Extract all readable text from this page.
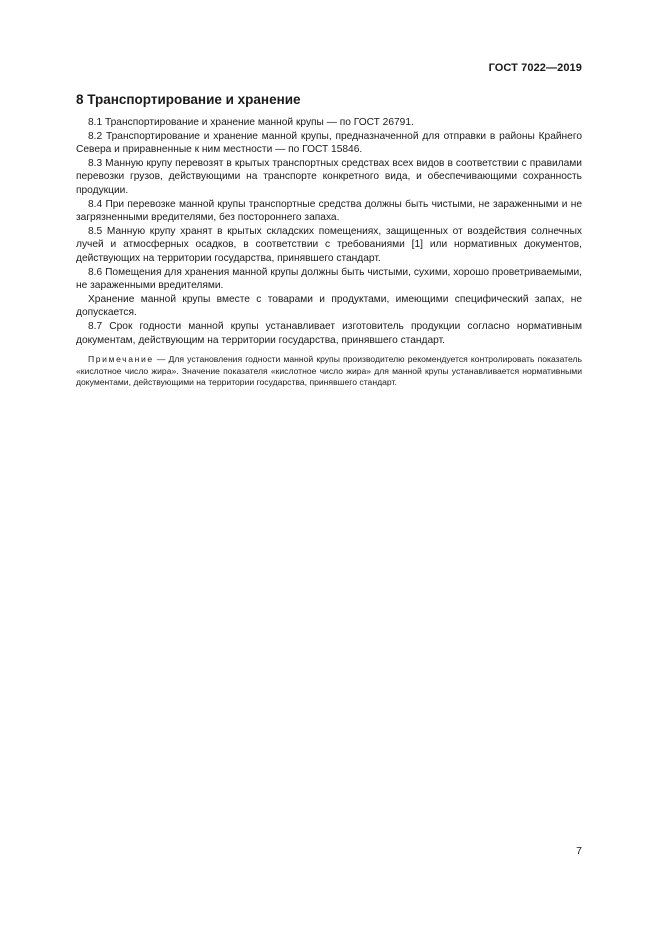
ГОСТ 7022—2019
8 Транспортирование и хранение

8.1 Транспортирование и хранение манной крупы — по ГОСТ 26791.

8.2 Транспортирование и хранение манной крупы, предназначенной для отправки в районы Крайнего Севера и приравненные к ним местности — по ГОСТ 15846.

8.3 Манную крупу перевозят в крытых транспортных средствах всех видов в соответствии с правилами перевозки грузов, действующими на транспорте конкретного вида, и обеспечивающими сохранность продукции.

8.4 При перевозке манной крупы транспортные средства должны быть чистыми, не зараженными и не загрязненными вредителями, без постороннего запаха.

8.5 Манную крупу хранят в крытых складских помещениях, защищенных от воздействия солнечных лучей и атмосферных осадков, в соответствии с требованиями [1] или нормативных документов, действующих на территории государства, принявшего стандарт.

8.6 Помещения для хранения манной крупы должны быть чистыми, сухими, хорошо проветриваемыми, не зараженными вредителями.

Хранение манной крупы вместе с товарами и продуктами, имеющими специфический запах, не допускается.

8.7 Срок годности манной крупы устанавливает изготовитель продукции согласно нормативным документам, действующим на территории государства, принявшего стандарт.

Примечание — Для установления годности манной крупы производителю рекомендуется контролировать показатель «кислотное число жира». Значение показателя «кислотное число жира» для манной крупы устанавливается нормативными документами, действующими на территории государства, принявшего стандарт.

7
